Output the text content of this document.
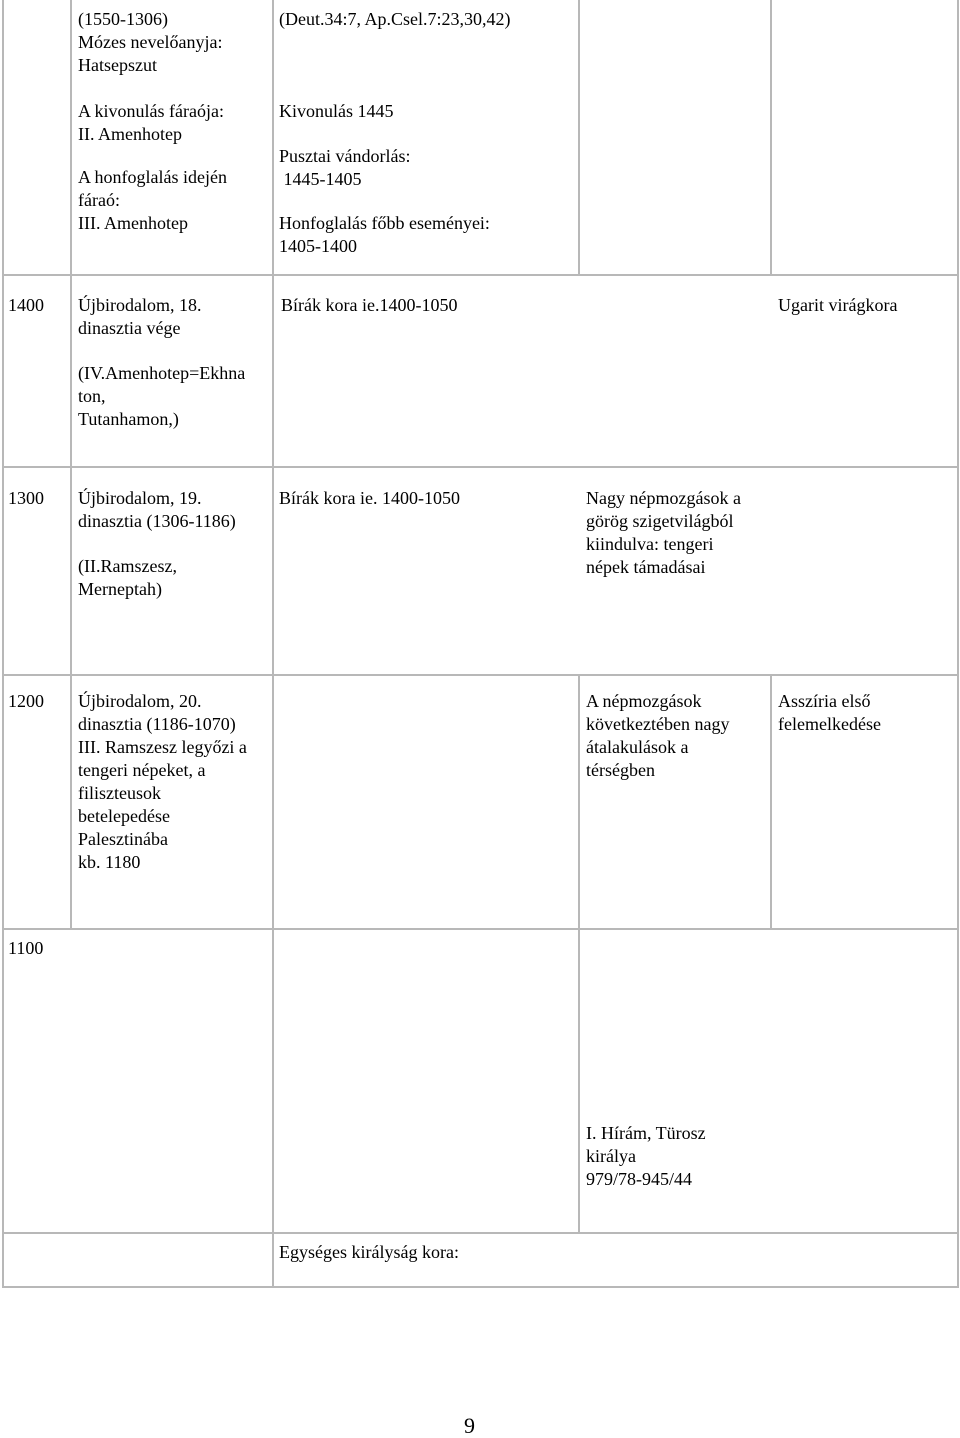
(1550-1306)
Mózes nevelőanyja:
Hatsepszut
A kivonulás fáraója:
II. Amenhotep
A honfoglalás idején
fáraó:
III. Amenhotep
(Deut.34:7, Ap.Csel.7:23,30,42)
Kivonulás 1445
Pusztai vándorlás:
1445-1405
Honfoglalás főbb eseményei:
1405-1400
1400 Újbirodalom, 18.
dinasztia vége
(IV.Amenhotep=Ekhna
ton,
Tutanhamon,)
Bírák kora ie.1400-1050	Ugarit virágkora
1300 Újbirodalom, 19.
dinasztia (1306-1186)
(II.Ramszesz,
Merneptah)
Bírák kora ie. 1400-1050	Nagy népmozgások a
görög szigetvilágból
kiindulva: tengeri
népek támadásai
1200 Újbirodalom, 20.
dinasztia (1186-1070)
III. Ramszesz legyőzi a
tengeri népeket, a
filiszteusok
betelepedése
Palesztinába
kb. 1180
A népmozgások
következtében nagy
átalakulások a
térségben
Asszíria első
felemelkedése
1100
I. Hírám, Türosz
királya
979/78-945/44
Egységes királyság kora:
9
